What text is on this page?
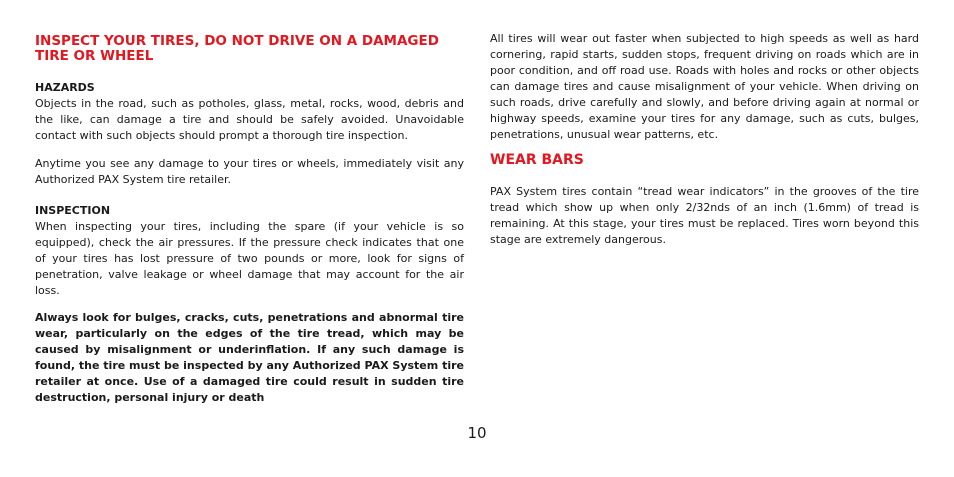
INSPECT YOUR TIRES, DO NOT DRIVE ON A DAMAGED TIRE OR WHEEL
HAZARDS

Objects in the road, such as potholes, glass, metal, rocks, wood, debris and the like, can damage a tire and should be safely avoided. Unavoidable contact with such objects should prompt a thorough tire inspection.

Anytime you see any damage to your tires or wheels, immediately visit any Authorized PAX System tire retailer.

INSPECTION

When inspecting your tires, including the spare (if your vehicle is so equipped), check the air pressures. If the pressure check indicates that one of your tires has lost pressure of two pounds or more, look for signs of penetration, valve leakage or wheel damage that may account for the air loss.

Always look for bulges, cracks, cuts, penetrations and abnormal tire wear, particularly on the edges of the tire tread, which may be caused by misalignment or underinflation. If any such damage is found, the tire must be inspected by any Authorized PAX System tire retailer at once. Use of a damaged tire could result in sudden tire destruction, personal injury or death

All tires will wear out faster when subjected to high speeds as well as hard cornering, rapid starts, sudden stops, frequent driving on roads which are in poor condition, and off road use. Roads with holes and rocks or other objects can damage tires and cause misalignment of your vehicle. When driving on such roads, drive carefully and slowly, and before driving again at normal or highway speeds, examine your tires for any damage, such as cuts, bulges, penetrations, unusual wear patterns, etc.

WEAR BARS

PAX System tires contain “tread wear indicators” in the grooves of the tire tread which show up when only 2/32nds of an inch (1.6mm) of tread is remaining. At this stage, your tires must be replaced. Tires worn beyond this stage are extremely dangerous.

10
